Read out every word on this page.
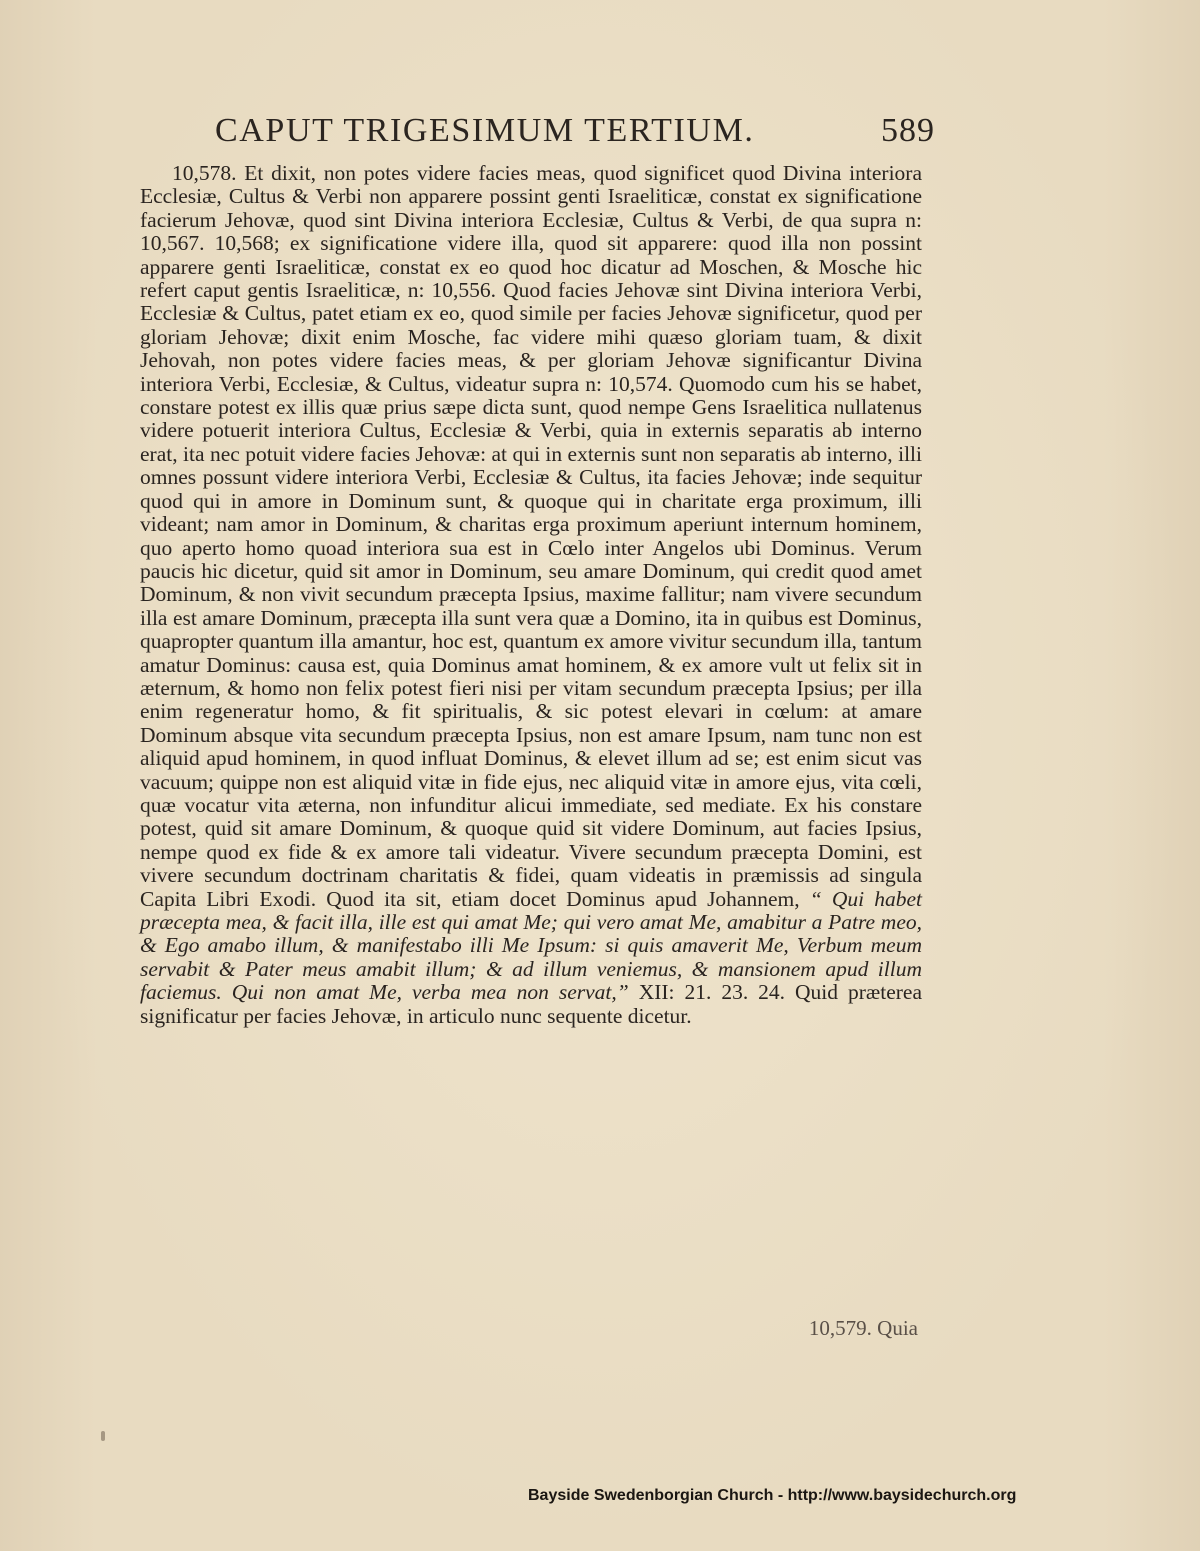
CAPUT TRIGESIMUM TERTIUM.	589

10,578. Et dixit, non potes videre facies meas, quod significet quod Divina interiora Ecclesiæ, Cultus & Verbi non apparere possint genti Israeliticæ, constat ex significatione facierum Jehovæ, quod sint Divina interiora Ecclesiæ, Cultus & Verbi, de qua supra n: 10,567. 10,568; ex significatione videre illa, quod sit apparere: quod illa non possint apparere genti Israeliticæ, constat ex eo quod hoc dicatur ad Moschen, & Mosche hic refert caput gentis Israeliticæ, n: 10,556. Quod facies Jehovæ sint Divina interiora Verbi, Ecclesiæ & Cultus, patet etiam ex eo, quod simile per facies Jehovæ significetur, quod per gloriam Jehovæ; dixit enim Mosche, fac videre mihi quæso gloriam tuam, & dixit Jehovah, non potes videre facies meas, & per gloriam Jehovæ significantur Divina interiora Verbi, Ecclesiæ, & Cultus, videatur supra n: 10,574. Quomodo cum his se habet, constare potest ex illis quæ prius sæpe dicta sunt, quod nempe Gens Israelitica nullatenus videre potuerit interiora Cultus, Ecclesiæ & Verbi, quia in externis separatis ab interno erat, ita nec potuit videre facies Jehovæ: at qui in externis sunt non separatis ab interno, illi omnes possunt videre interiora Verbi, Ecclesiæ & Cultus, ita facies Jehovæ; inde sequitur quod qui in amore in Dominum sunt, & quoque qui in charitate erga proximum, illi videant; nam amor in Dominum, & charitas erga proximum aperiunt internum hominem, quo aperto homo quoad interiora sua est in Cœlo inter Angelos ubi Dominus. Verum paucis hic dicetur, quid sit amor in Dominum, seu amare Dominum, qui credit quod amet Dominum, & non vivit secundum præcepta Ipsius, maxime fallitur; nam vivere secundum illa est amare Dominum, præcepta illa sunt vera quæ a Domino, ita in quibus est Dominus, quapropter quantum illa amantur, hoc est, quantum ex amore vivitur secundum illa, tantum amatur Dominus: causa est, quia Dominus amat hominem, & ex amore vult ut felix sit in æternum, & homo non felix potest fieri nisi per vitam secundum præcepta Ipsius; per illa enim regeneratur homo, & fit spiritualis, & sic potest elevari in cœlum: at amare Dominum absque vita secundum præcepta Ipsius, non est amare Ipsum, nam tunc non est aliquid apud hominem, in quod influat Dominus, & elevet illum ad se; est enim sicut vas vacuum; quippe non est aliquid vitæ in fide ejus, nec aliquid vitæ in amore ejus, vita cœli, quæ vocatur vita æterna, non infunditur alicui immediate, sed mediate. Ex his constare potest, quid sit amare Dominum, & quoque quid sit videre Dominum, aut facies Ipsius, nempe quod ex fide & ex amore tali videatur. Vivere secundum præcepta Domini, est vivere secundum doctrinam charitatis & fidei, quam videatis in præmissis ad singula Capita Libri Exodi. Quod ita sit, etiam docet Dominus apud Johannem, “ Qui habet præcepta mea, & facit illa, ille est qui amat Me; qui vero amat Me, amabitur a Patre meo, & Ego amabo illum, & manifestabo illi Me Ipsum: si quis amaverit Me, Verbum meum servabit & Pater meus amabit illum; & ad illum veniemus, & mansionem apud illum faciemus. Qui non amat Me, verba mea non servat,” XII: 21. 23. 24. Quid præterea significatur per facies Jehovæ, in articulo nunc sequente dicetur.

10,579. Quia
Bayside Swedenborgian Church - http://www.baysidechurch.org
